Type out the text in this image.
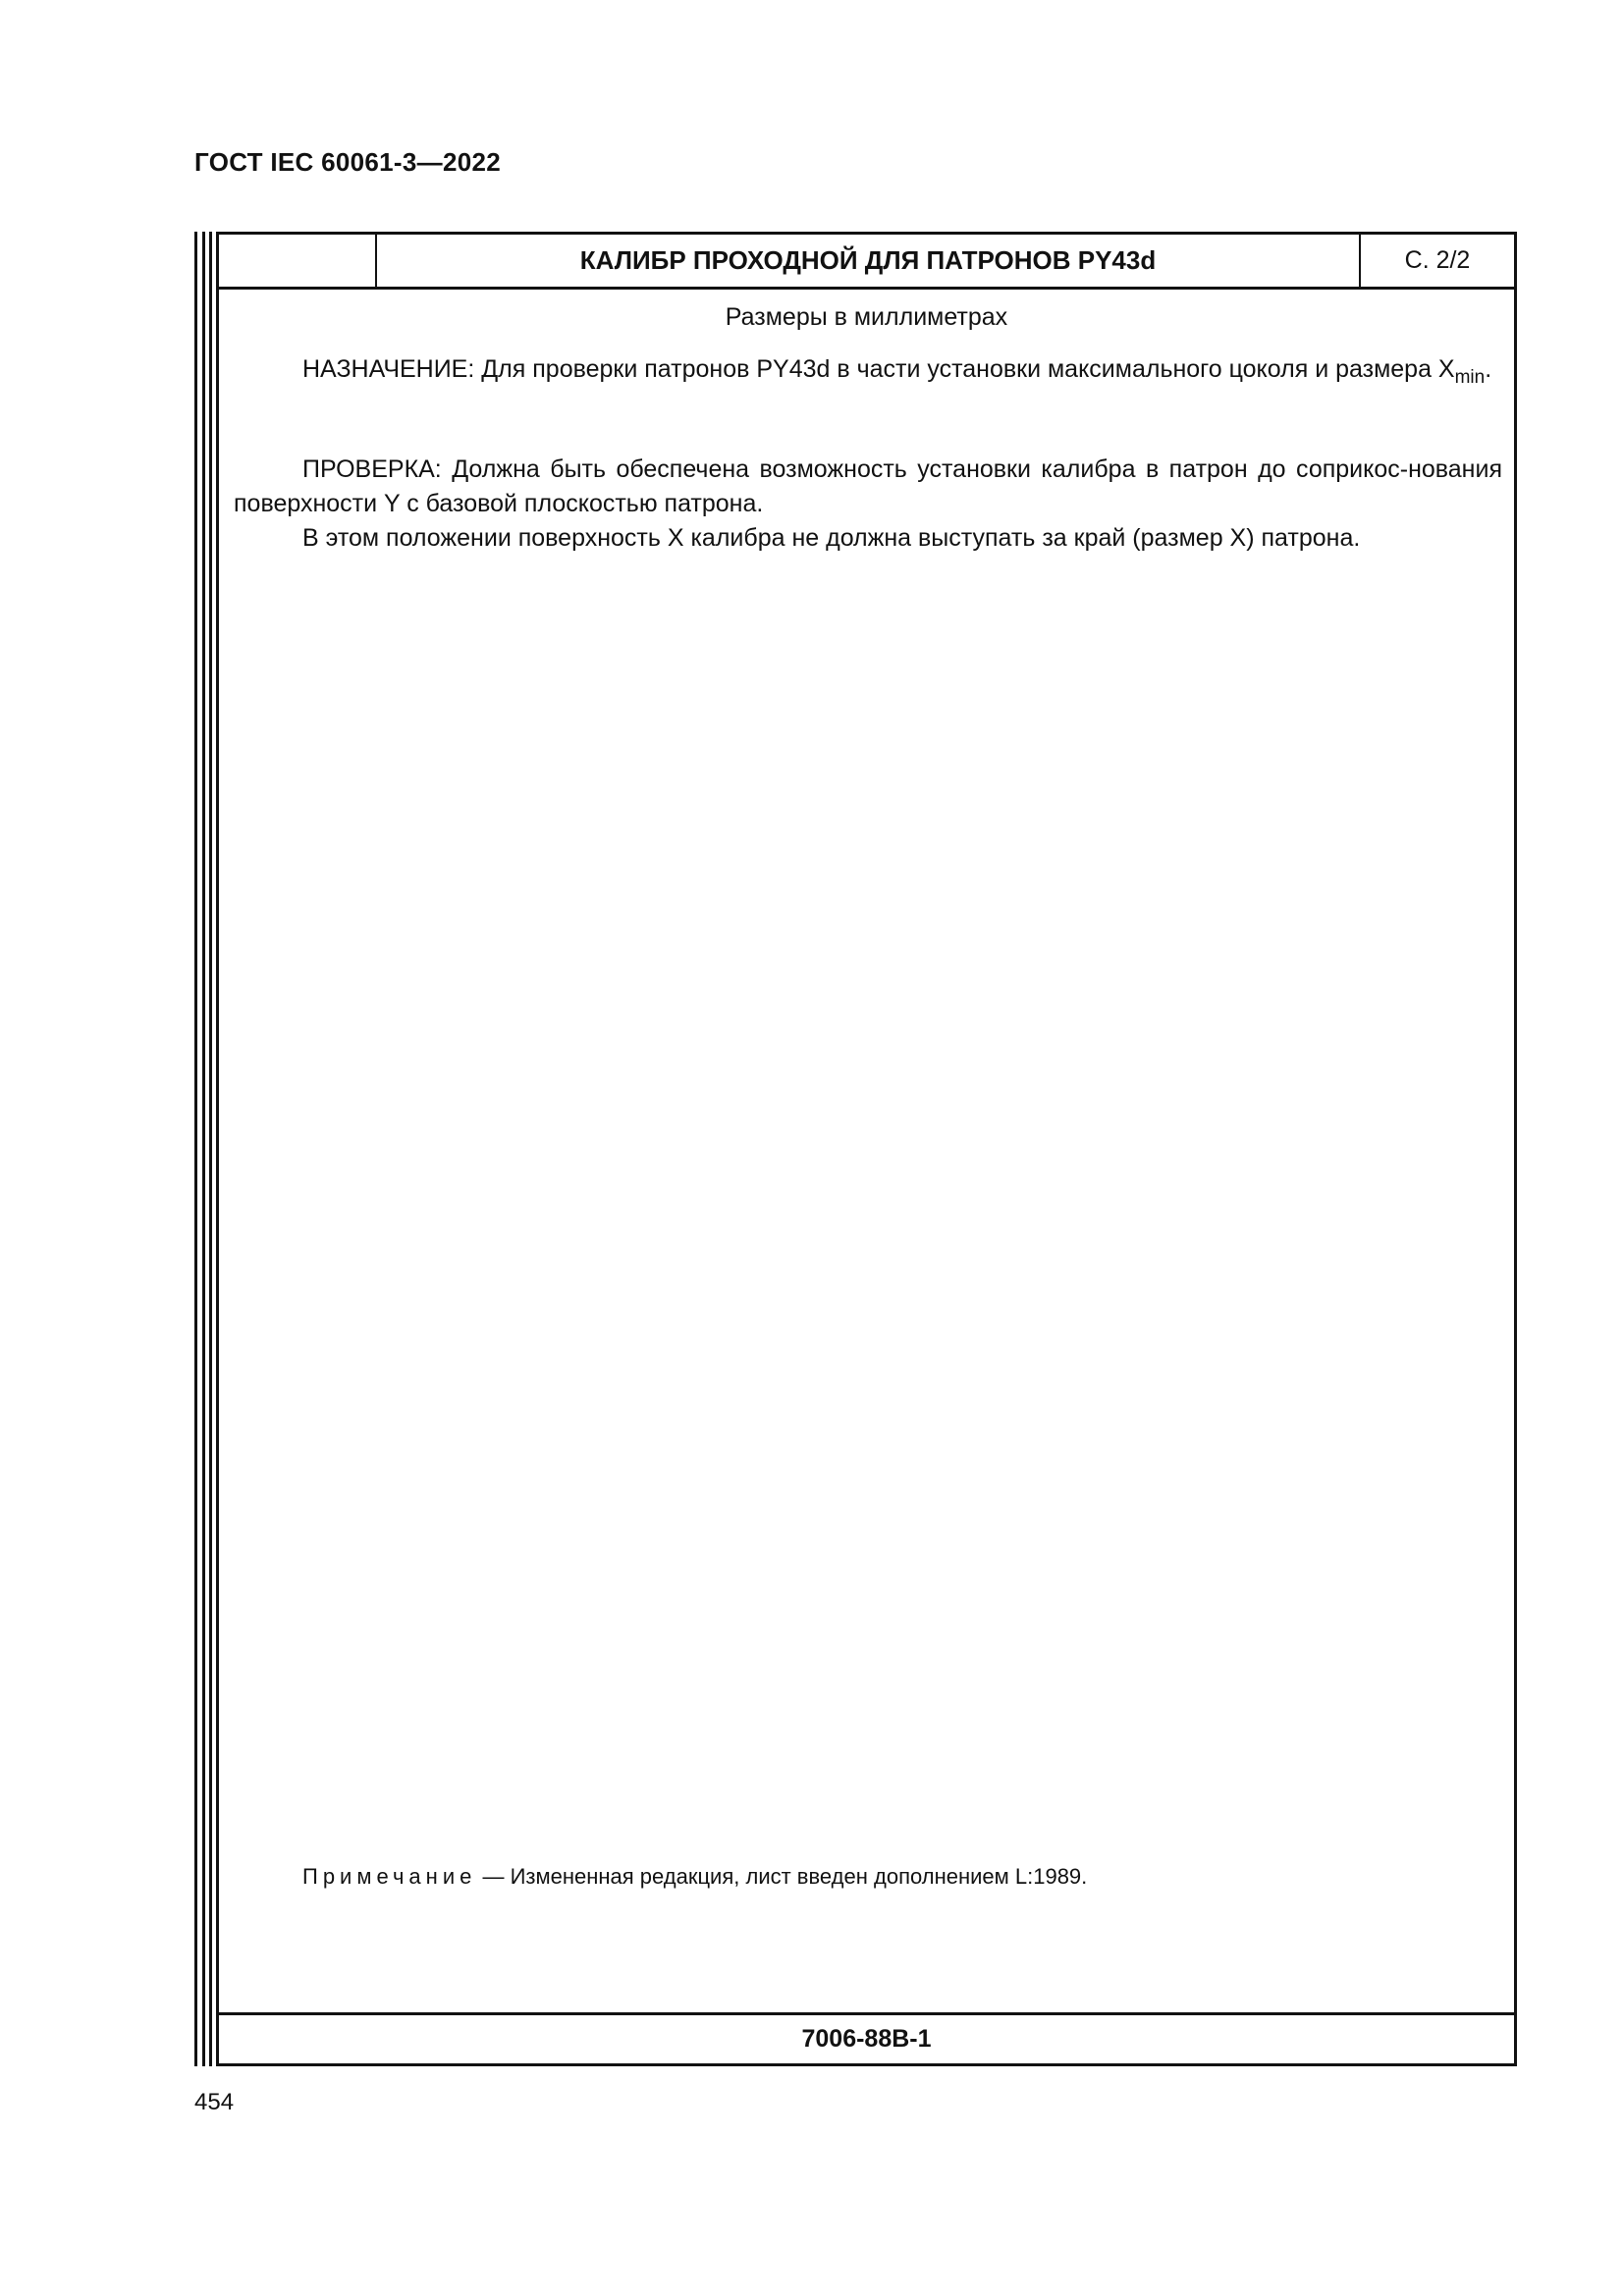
ГОСТ IEC 60061-3—2022
КАЛИБР ПРОХОДНОЙ ДЛЯ ПАТРОНОВ PY43d	С. 2/2
Размеры в миллиметрах
НАЗНАЧЕНИЕ: Для проверки патронов PY43d в части установки максимального цоколя и размера $X_{min}$.
ПРОВЕРКА: Должна быть обеспечена возможность установки калибра в патрон до соприкос-нования поверхности Y с базовой плоскостью патрона.
В этом положении поверхность X калибра не должна выступать за край (размер X) патрона.
Примечание — Измененная редакция, лист введен дополнением L:1989.
7006-88B-1
454
